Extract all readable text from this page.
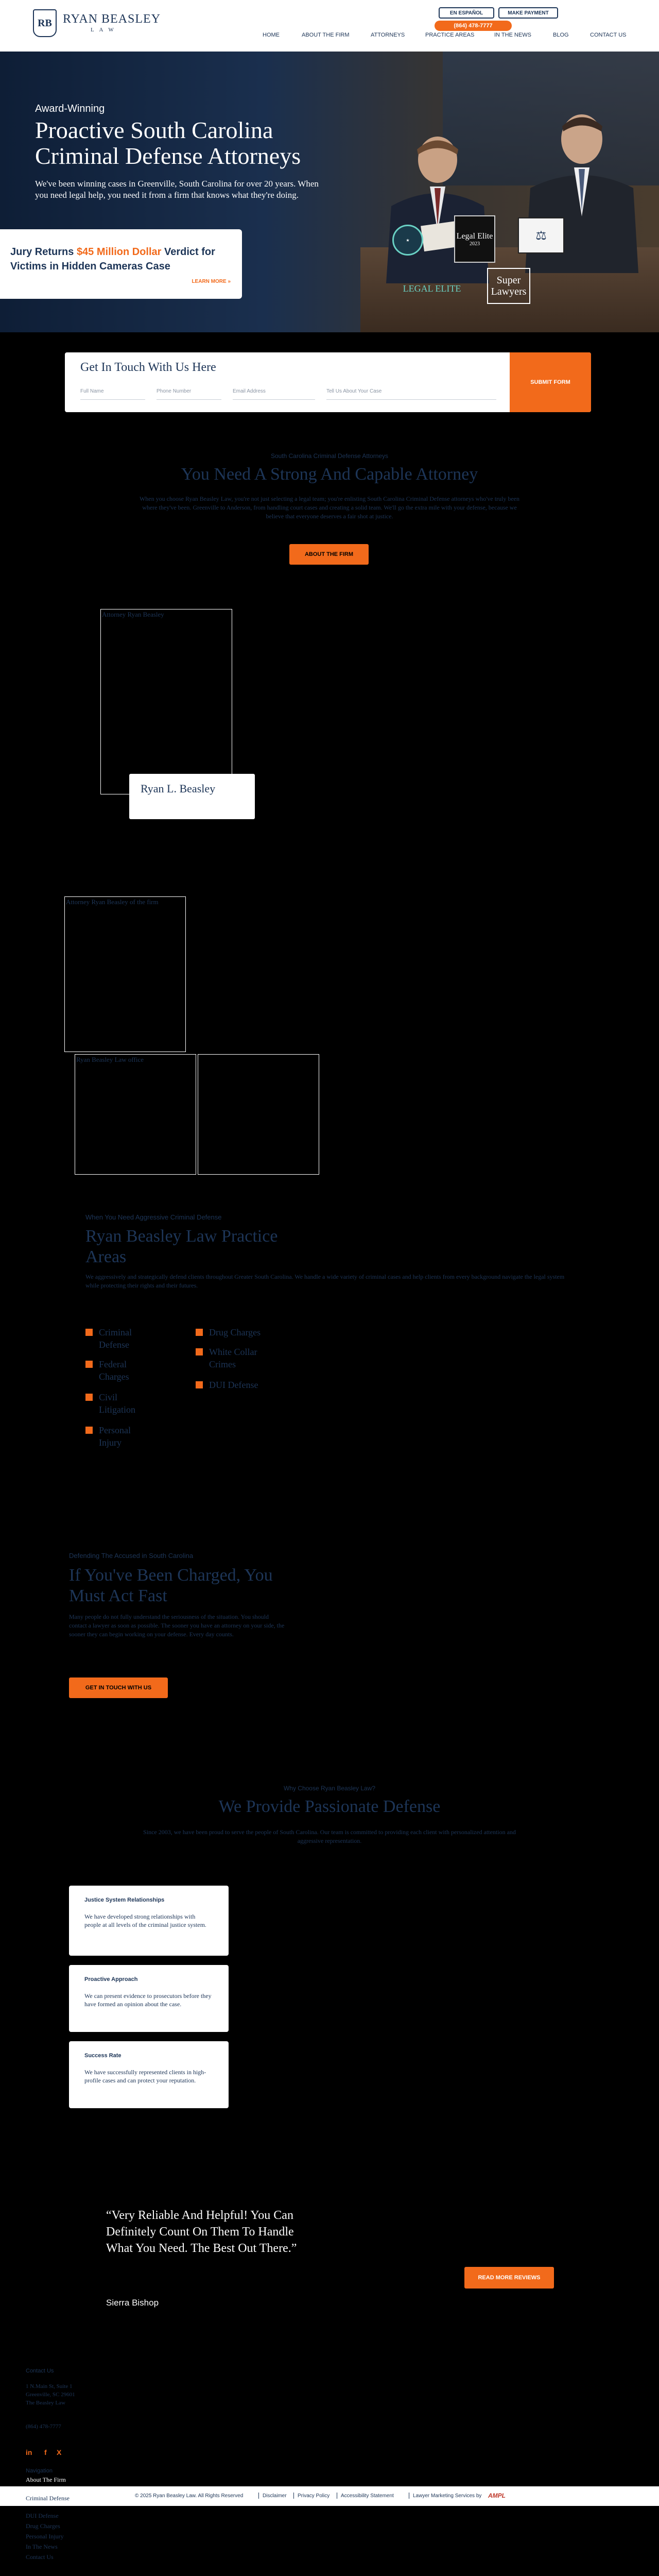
RB RYAN BEASLEY
L A W
EN ESPAÑOL	MAKE PAYMENT
(864) 478-7777
HOME	ABOUT THE FIRM	ATTORNEYS	PRACTICE AREAS	IN THE NEWS	BLOG	CONTACT US
Award-Winning
Proactive South Carolina Criminal Defense Attorneys
We've been winning cases in Greenville, South Carolina for over 20 years. When you need legal help, you need it from a firm that knows what they're doing.
Jury Returns $45 Million Dollar Verdict for Victims in Hidden Cameras Case
LEARN MORE »
★	Legal Elite
2023
⚖
LEGAL ELITE
Super Lawyers
Get In Touch With Us Here
Full Name	Phone Number	Email Address	Tell Us About Your Case
SUBMIT FORM
South Carolina Criminal Defense Attorneys
You Need A Strong And Capable Attorney
When you choose Ryan Beasley Law, you're not just selecting a legal team; you're enlisting South Carolina Criminal Defense attorneys who've truly been where they've been. Greenville to Anderson, from handling court cases and creating a solid team. We'll go the extra mile with your defense, because we believe that everyone deserves a fair shot at justice.
ABOUT THE FIRM
Attorney Ryan Beasley
Ryan L. Beasley
Attorney Ryan Beasley of the firm
Ryan Beasley Law office
When You Need Aggressive Criminal Defense
Ryan Beasley Law Practice Areas
We aggressively and strategically defend clients throughout Greater South Carolina. We handle a wide variety of criminal cases and help clients from every background navigate the legal system while protecting their rights and their futures.
Criminal Defense
Federal Charges
Civil Litigation
Personal Injury
Drug Charges
White Collar Crimes
DUI Defense
Defending The Accused in South Carolina
If You've Been Charged, You Must Act Fast
Many people do not fully understand the seriousness of the situation. You should contact a lawyer as soon as possible. The sooner you have an attorney on your side, the sooner they can begin working on your defense. Every day counts.
GET IN TOUCH WITH US
Why Choose Ryan Beasley Law?
We Provide Passionate Defense
Since 2003, we have been proud to serve the people of South Carolina. Our team is committed to providing each client with personalized attention and aggressive representation.
Justice System Relationships
We have developed strong relationships with people at all levels of the criminal justice system.
Proactive Approach
We can present evidence to prosecutors before they have formed an opinion about the case.
Success Rate
We have successfully represented clients in high-profile cases and can protect your reputation.
“Very Reliable And Helpful! You Can Definitely Count On Them To Handle What You Need. The Best Out There.”
Sierra Bishop
READ MORE REVIEWS
Contact Us
1 N.Main St, Suite 1
Greenville, SC 29601
The Beasley Law
(864) 478-7777
in f X
Navigation
About The Firm
© 2025 Ryan Beasley Law. All Rights Reserved	Disclaimer Privacy Policy Accessibility Statement	Lawyer Marketing Services by AMPL
Criminal Defense
DUI Defense
Drug Charges
Personal Injury
In The News
Contact Us
